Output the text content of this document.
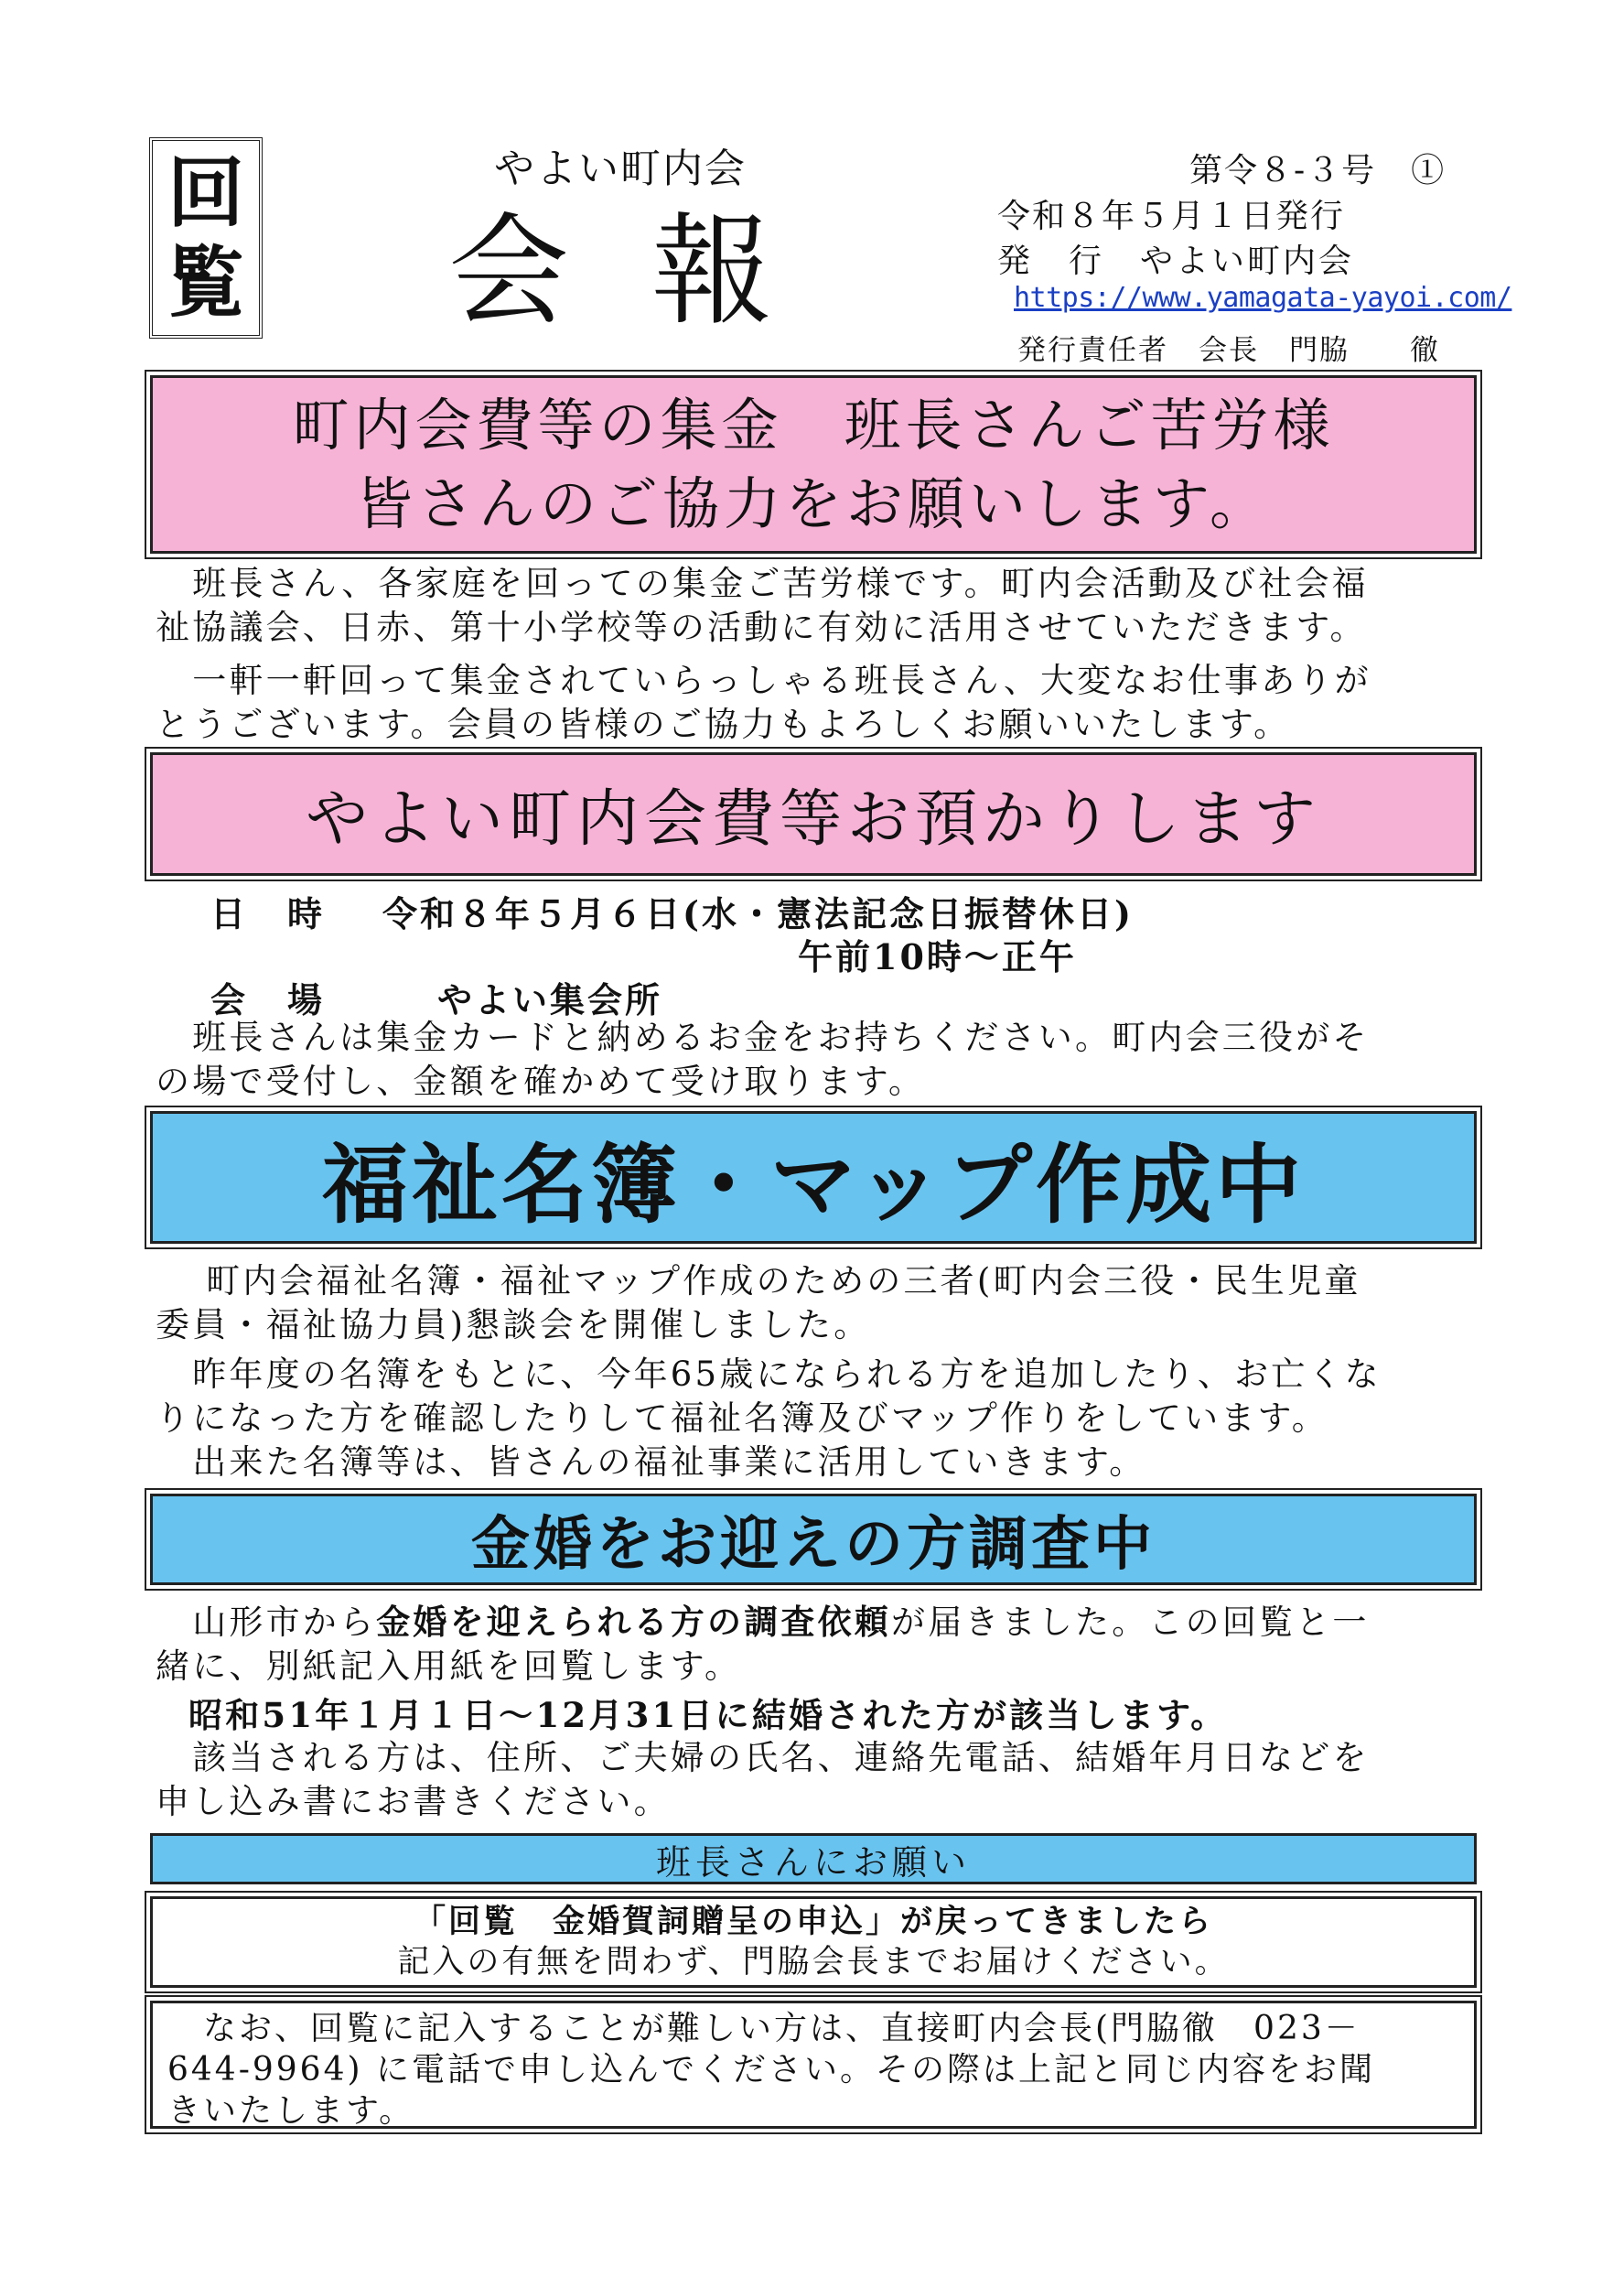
回
覧
やよい町内会
会報
第令８-３号　①
令和８年５月１日発行
発　行　やよい町内会
https://www.yamagata-yayoi.com/
発行責任者　会長　門脇　　徹
町内会費等の集金　班長さんご苦労様
皆さんのご協力をお願いします。
　班長さん、各家庭を回っての集金ご苦労様です。町内会活動及び社会福
祉協議会、日赤、第十小学校等の活動に有効に活用させていただきます。
　一軒一軒回って集金されていらっしゃる班長さん、大変なお仕事ありが
とうございます。会員の皆様のご協力もよろしくお願いいたします。
やよい町内会費等お預かりします
日　時 令和８年５月６日(水・憲法記念日振替休日)
午前10時～正午
会　場	やよい集会所
　班長さんは集金カードと納めるお金をお持ちください。町内会三役がそ
の場で受付し、金額を確かめて受け取ります。
福祉名簿・マップ作成中
　 町内会福祉名簿・福祉マップ作成のための三者(町内会三役・民生児童
委員・福祉協力員)懇談会を開催しました。
　昨年度の名簿をもとに、今年65歳になられる方を追加したり、お亡くな
りになった方を確認したりして福祉名簿及びマップ作りをしています。
　出来た名簿等は、皆さんの福祉事業に活用していきます。
金婚をお迎えの方調査中
　山形市から金婚を迎えられる方の調査依頼が届きました。この回覧と一
緒に、別紙記入用紙を回覧します。
昭和51年１月１日～12月31日に結婚された方が該当します。
　該当される方は、住所、ご夫婦の氏名、連絡先電話、結婚年月日などを
申し込み書にお書きください。
班長さんにお願い
「回覧　金婚賀詞贈呈の申込」が戻ってきましたら
記入の有無を問わず、門脇会長までお届けください。
　なお、回覧に記入することが難しい方は、直接町内会長(門脇徹　023－
644-9964) に電話で申し込んでください。その際は上記と同じ内容をお聞
きいたします。
